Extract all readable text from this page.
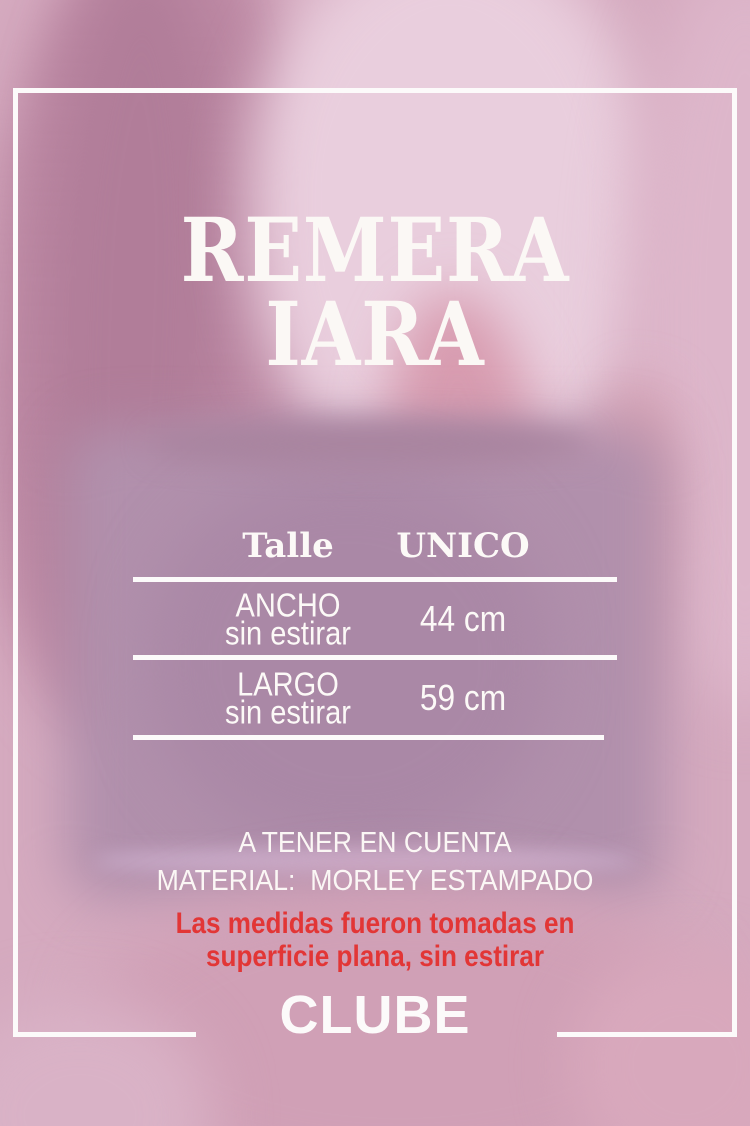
REMERA
IARA
Talle	UNICO
ANCHO
sin estirar	44 cm
LARGO
sin estirar	59 cm
A TENER EN CUENTA
MATERIAL:  MORLEY ESTAMPADO
Las medidas fueron tomadas en
superficie plana, sin estirar
CLUBE
